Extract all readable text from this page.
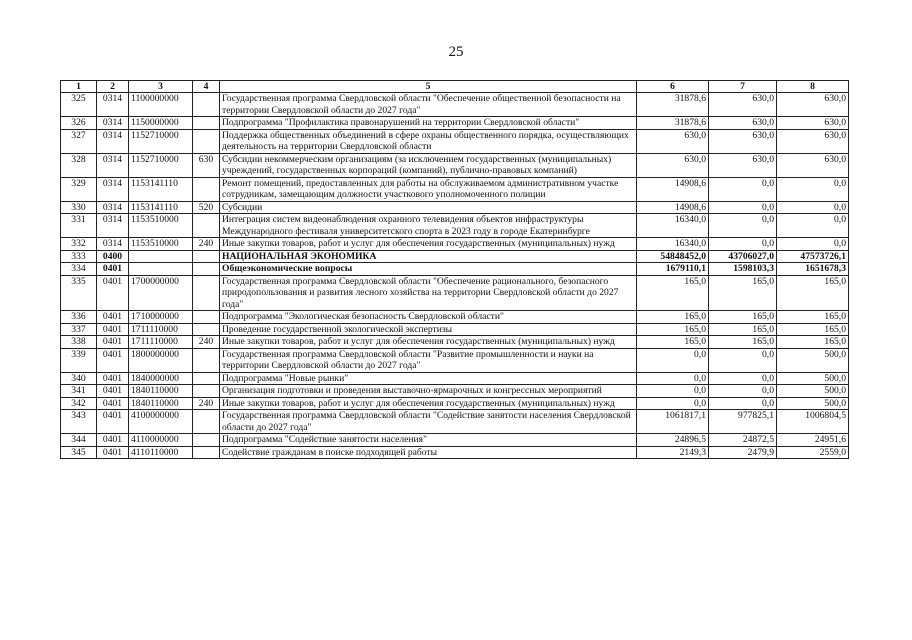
25
1	2	3	4	5	6	7	8
325	0314	1100000000		Государственная программа Свердловской области "Обеспечение общественной безопасности на территории Свердловской области до 2027 года"	31878,6	630,0	630,0
326	0314	1150000000		Подпрограмма "Профилактика правонарушений на территории Свердловской области"	31878,6	630,0	630,0
327	0314	1152710000		Поддержка общественных объединений в сфере охраны общественного порядка, осуществляющих деятельность на территории Свердловской области	630,0	630,0	630,0
328	0314	1152710000	630	Субсидии некоммерческим организациям (за исключением государственных (муниципальных) учреждений, государственных корпораций (компаний), публично-правовых компаний)	630,0	630,0	630,0
329	0314	1153141110		Ремонт помещений, предоставленных для работы на обслуживаемом административном участке сотрудникам, замещающим должности участкового уполномоченного полиции	14908,6	0,0	0,0
330	0314	1153141110	520	Субсидии	14908,6	0,0	0,0
331	0314	1153510000		Интеграция систем видеонаблюдения охранного телевидения объектов инфраструктуры Международного фестиваля университетского спорта в 2023 году в городе Екатеринбурге	16340,0	0,0	0,0
332	0314	1153510000	240	Иные закупки товаров, работ и услуг для обеспечения государственных (муниципальных) нужд	16340,0	0,0	0,0
333	0400			НАЦИОНАЛЬНАЯ ЭКОНОМИКА	54848452,0	43706027,0	47573726,1
334	0401			Общеэкономические вопросы	1679110,1	1598103,3	1651678,3
335	0401	1700000000		Государственная программа Свердловской области "Обеспечение рационального, безопасного природопользования и развития лесного хозяйства на территории Свердловской области до 2027 года"	165,0	165,0	165,0
336	0401	1710000000		Подпрограмма "Экологическая безопасность Свердловской области"	165,0	165,0	165,0
337	0401	1711110000		Проведение государственной экологической экспертизы	165,0	165,0	165,0
338	0401	1711110000	240	Иные закупки товаров, работ и услуг для обеспечения государственных (муниципальных) нужд	165,0	165,0	165,0
339	0401	1800000000		Государственная программа Свердловской области "Развитие промышленности и науки на территории Свердловской области до 2027 года"	0,0	0,0	500,0
340	0401	1840000000		Подпрограмма "Новые рынки"	0,0	0,0	500,0
341	0401	1840110000		Организация подготовки и проведения выставочно-ярмарочных и конгрессных мероприятий	0,0	0,0	500,0
342	0401	1840110000	240	Иные закупки товаров, работ и услуг для обеспечения государственных (муниципальных) нужд	0,0	0,0	500,0
343	0401	4100000000		Государственная программа Свердловской области "Содействие занятости населения Свердловской области до 2027 года"	1061817,1	977825,1	1006804,5
344	0401	4110000000		Подпрограмма "Содействие занятости населения"	24896,5	24872,5	24951,6
345	0401	4110110000		Содействие гражданам в поиске подходящей работы	2149,3	2479,9	2559,0
